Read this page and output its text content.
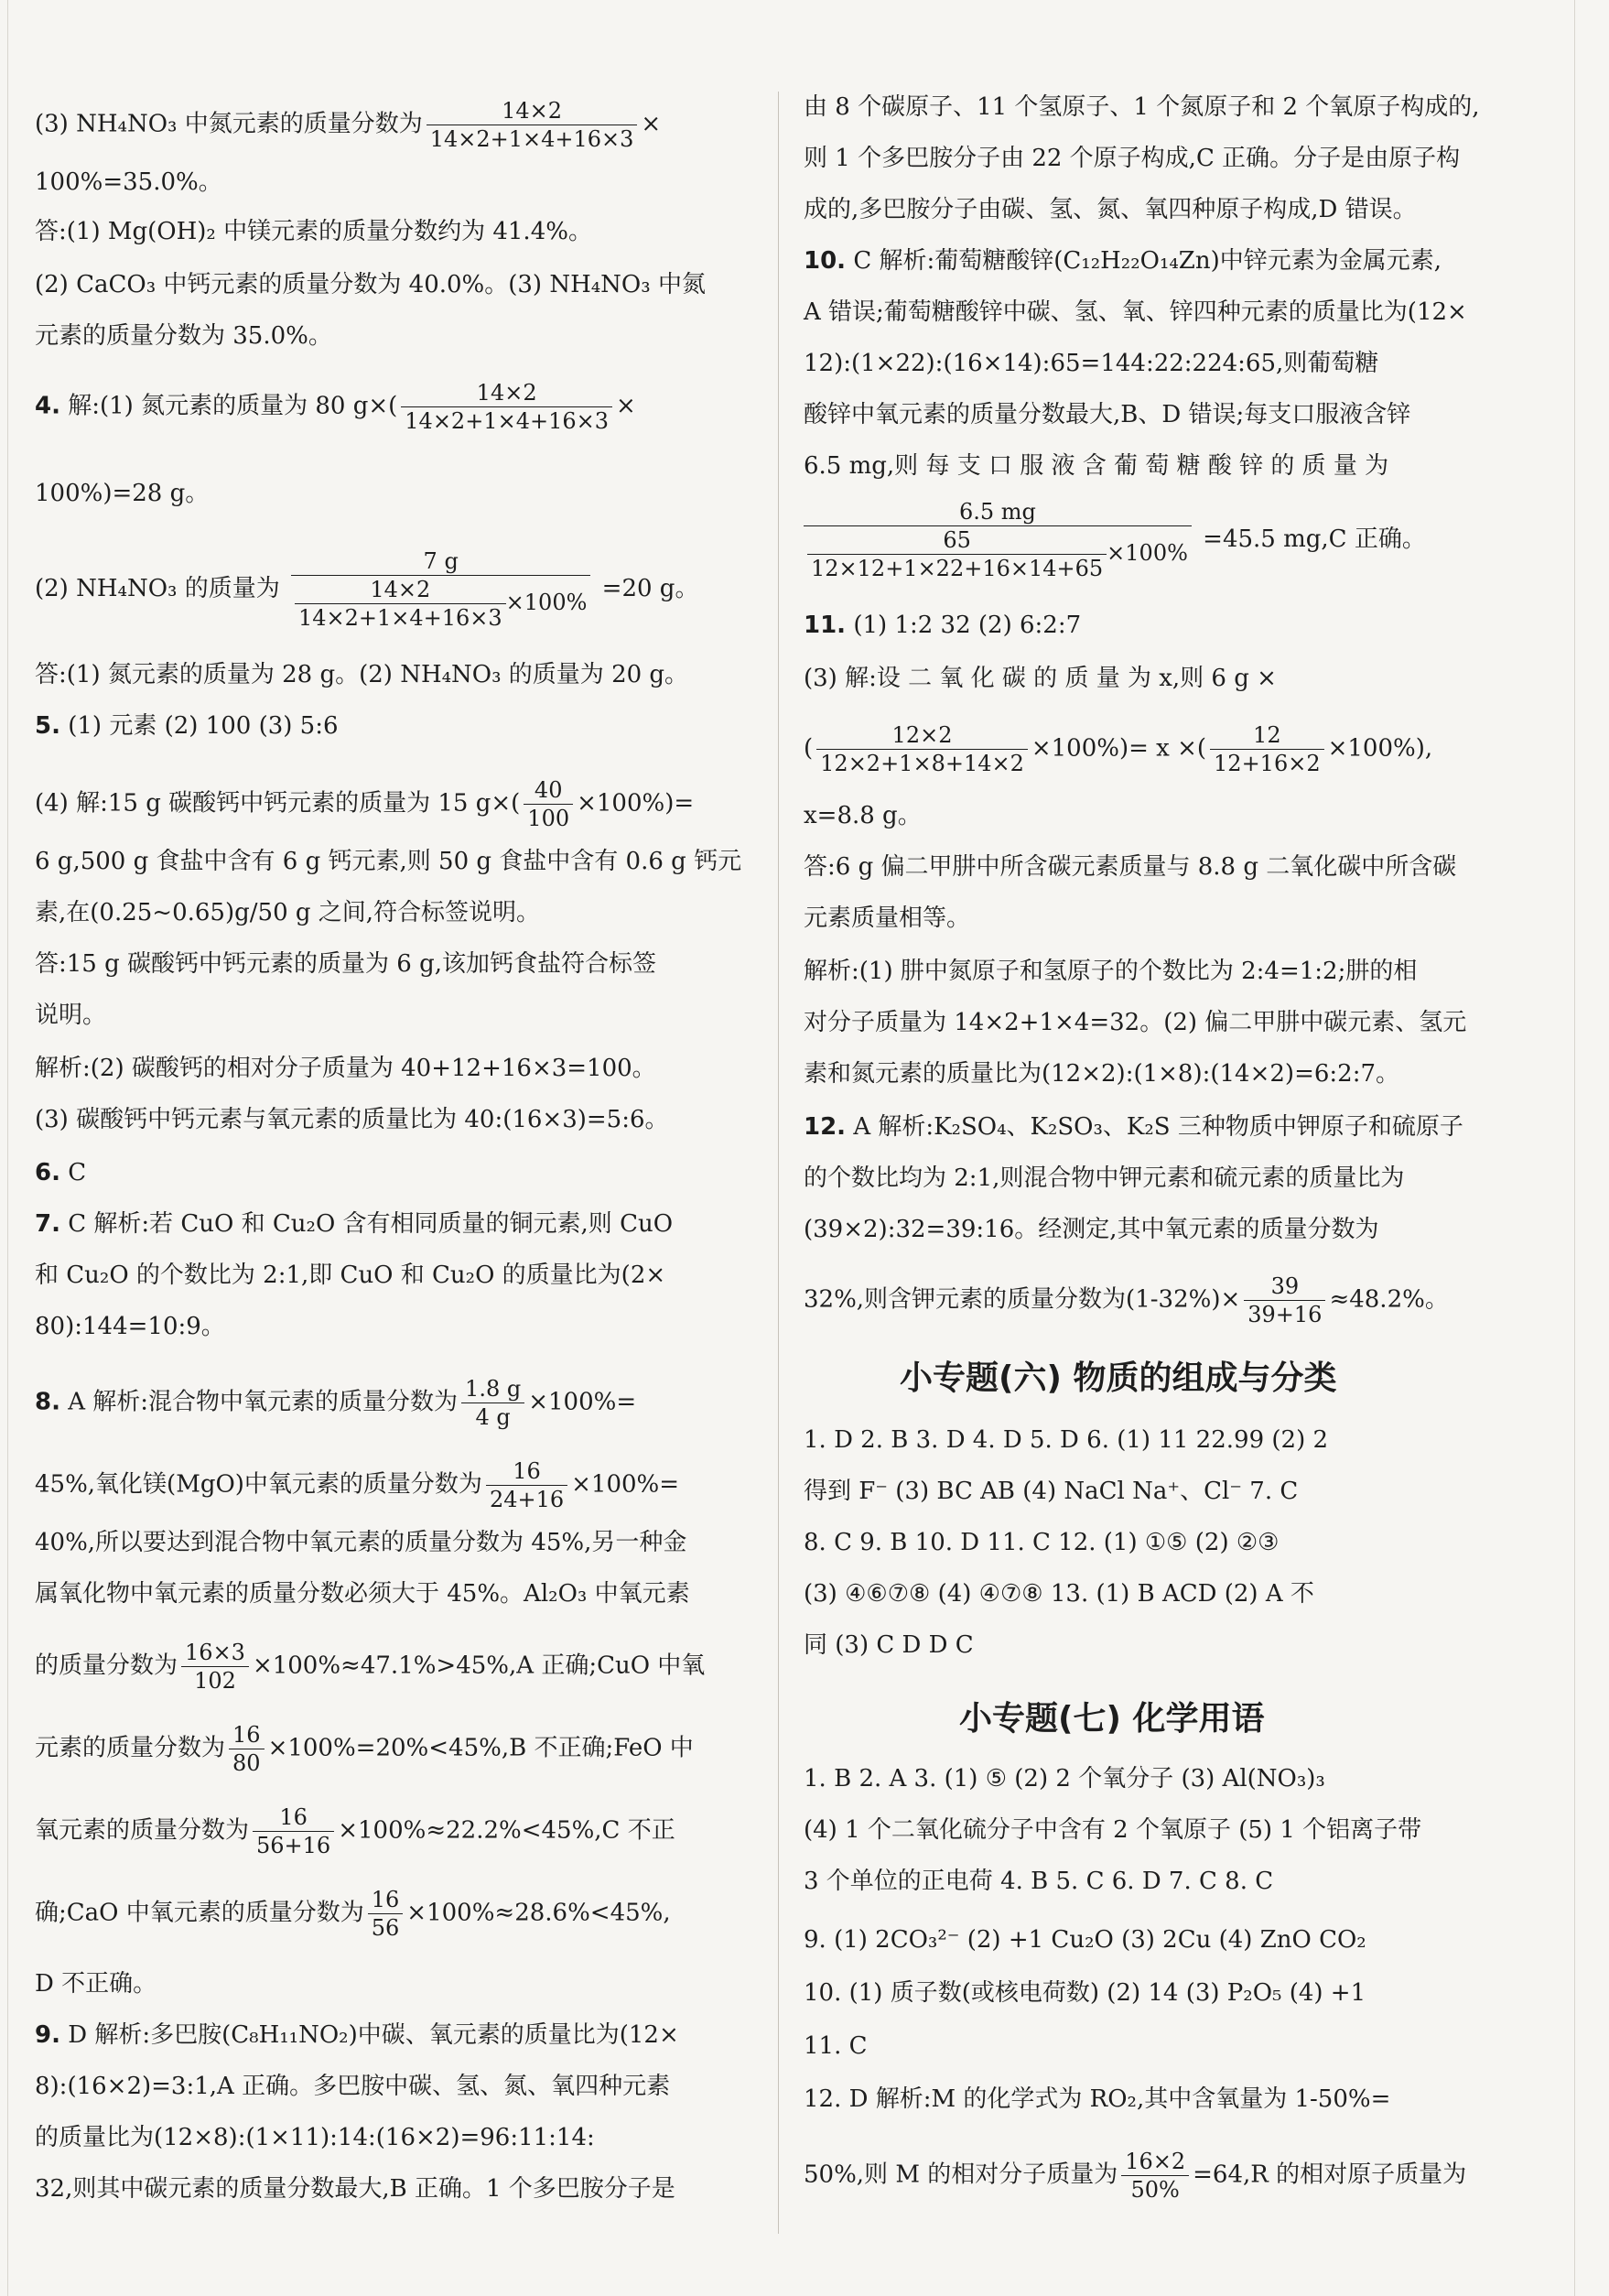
(3) NH₄NO₃ 中氮元素的质量分数为 $\frac{14\times 2}{14\times 2+1\times 4+16\times 3}$ ×
100%=35.0%。
答:(1) Mg(OH)₂ 中镁元素的质量分数约为 41.4%。
(2) CaCO₃ 中钙元素的质量分数为 40.0%。(3) NH₄NO₃ 中氮
元素的质量分数为 35.0%。
4. 解:(1) 氮元素的质量为 80 $g\times( \frac{14\times 2}{14\times 2+1\times 4+16\times 3}$ ×
100%)=28 g。
(2) NH₄NO₃ 的质量为 $\frac{7 g}{\frac{14\times 2}{14\times 2+1\times 4+16\times 3} \times 100\%} =20$ g。
答:(1) 氮元素的质量为 28 g。(2) NH₄NO₃ 的质量为 20 g。
5. (1) 元素 (2) 100 (3) 5:6
(4) 解:15 g 碳酸钙中钙元素的质量为 15 $g\times( \frac{40}{100} \times 100\%)=$
6 g,500 g 食盐中含有 6 g 钙元素,则 50 g 食盐中含有 0.6 g 钙元
素,在(0.25~0.65)g/50 g 之间,符合标签说明。
答:15 g 碳酸钙中钙元素的质量为 6 g,该加钙食盐符合标签
说明。
解析:(2) 碳酸钙的相对分子质量为 40+12+16×3=100。
(3) 碳酸钙中钙元素与氧元素的质量比为 40:(16×3)=5:6。
6. C
7. C 解析:若 CuO 和 Cu₂O 含有相同质量的铜元素,则 CuO
和 Cu₂O 的个数比为 2:1,即 CuO 和 Cu₂O 的质量比为(2×
80):144=10:9。
8. A 解析:混合物中氧元素的质量分数为 $\frac{1.8 g}{4 g} \times 100\%=$
45%,氧化镁(MgO)中氧元素的质量分数为 $\frac{16}{24+16} \times 100\%=$
40%,所以要达到混合物中氧元素的质量分数为 45%,另一种金
属氧化物中氧元素的质量分数必须大于 45%。Al₂O₃ 中氧元素
的质量分数为 $\frac{16\times 3}{102} \times 100\%\approx 47.1\%>45\%,A$ 正确;CuO 中氧
元素的质量分数为 $\frac{16}{80} \times 100\%=20\%<45\%,B$ 不正确;FeO 中
氧元素的质量分数为 $\frac{16}{56+16} \times 100\%\approx 22.2\%<45\%,C$ 不正
确;CaO 中氧元素的质量分数为 $\frac{16}{56} \times 100\%\approx 28.6\%<45\%$,
D 不正确。
9. D 解析:多巴胺(C₈H₁₁NO₂)中碳、氧元素的质量比为(12×
8):(16×2)=3:1,A 正确。多巴胺中碳、氢、氮、氧四种元素
的质量比为(12×8):(1×11):14:(16×2)=96:11:14:
32,则其中碳元素的质量分数最大,B 正确。1 个多巴胺分子是
由 8 个碳原子、11 个氢原子、1 个氮原子和 2 个氧原子构成的,
则 1 个多巴胺分子由 22 个原子构成,C 正确。分子是由原子构
成的,多巴胺分子由碳、氢、氮、氧四种原子构成,D 错误。
10. C 解析:葡萄糖酸锌(C₁₂H₂₂O₁₄Zn)中锌元素为金属元素,
A 错误;葡萄糖酸锌中碳、氢、氧、锌四种元素的质量比为(12×
12):(1×22):(16×14):65=144:22:224:65,则葡萄糖
酸锌中氧元素的质量分数最大,B、D 错误;每支口服液含锌
6.5 mg,则 每 支 口 服 液 含 葡 萄 糖 酸 锌 的 质 量 为
$\frac{6.5 mg}{\frac{65}{12\times 12+1\times 22+16\times 14+65} \times 100\%} =45.5$ mg,C 正确。
11. (1) 1:2 32 (2) 6:2:7
(3) 解:设 二 氧 化 碳 的 质 量 为 x,则 6 g ×
( $\frac{12\times 2}{12\times 2+1\times 8+14\times 2} \times 100\%)= x$ ×( $\frac{12}{12+16\times 2} \times 100\%$),
x=8.8 g。
答:6 g 偏二甲肼中所含碳元素质量与 8.8 g 二氧化碳中所含碳
元素质量相等。
解析:(1) 肼中氮原子和氢原子的个数比为 2:4=1:2;肼的相
对分子质量为 14×2+1×4=32。(2) 偏二甲肼中碳元素、氢元
素和氮元素的质量比为(12×2):(1×8):(14×2)=6:2:7。
12. A 解析:K₂SO₄、K₂SO₃、K₂S 三种物质中钾原子和硫原子
的个数比均为 2:1,则混合物中钾元素和硫元素的质量比为
(39×2):32=39:16。经测定,其中氧元素的质量分数为
32%,则含钾元素的质量分数为$(1-32\%)\times \frac{39}{39+16} \approx 48.2\%$。
小专题(六) 物质的组成与分类
1. D 2. B 3. D 4. D 5. D 6. (1) 11 22.99 (2) 2
得到 F⁻ (3) BC AB (4) NaCl Na⁺、Cl⁻ 7. C
8. C 9. B 10. D 11. C 12. (1) ①⑤ (2) ②③
(3) ④⑥⑦⑧ (4) ④⑦⑧ 13. (1) B ACD (2) A 不
同 (3) C D D C
小专题(七) 化学用语
1. B 2. A 3. (1) ⑤ (2) 2 个氧分子 (3) Al(NO₃)₃
(4) 1 个二氧化硫分子中含有 2 个氧原子 (5) 1 个铝离子带
3 个单位的正电荷 4. B 5. C 6. D 7. C 8. C
9. (1) 2CO₃²⁻ (2) +1 Cu₂O (3) 2Cu (4) ZnO CO₂
10. (1) 质子数(或核电荷数) (2) 14 (3) P₂O₅ (4) +1
11. C
12. D 解析:M 的化学式为 RO₂,其中含氧量为 1-50%=
50%,则 M 的相对分子质量为 $\frac{16\times 2}{50\%} =64,R$ 的相对原子质量为
